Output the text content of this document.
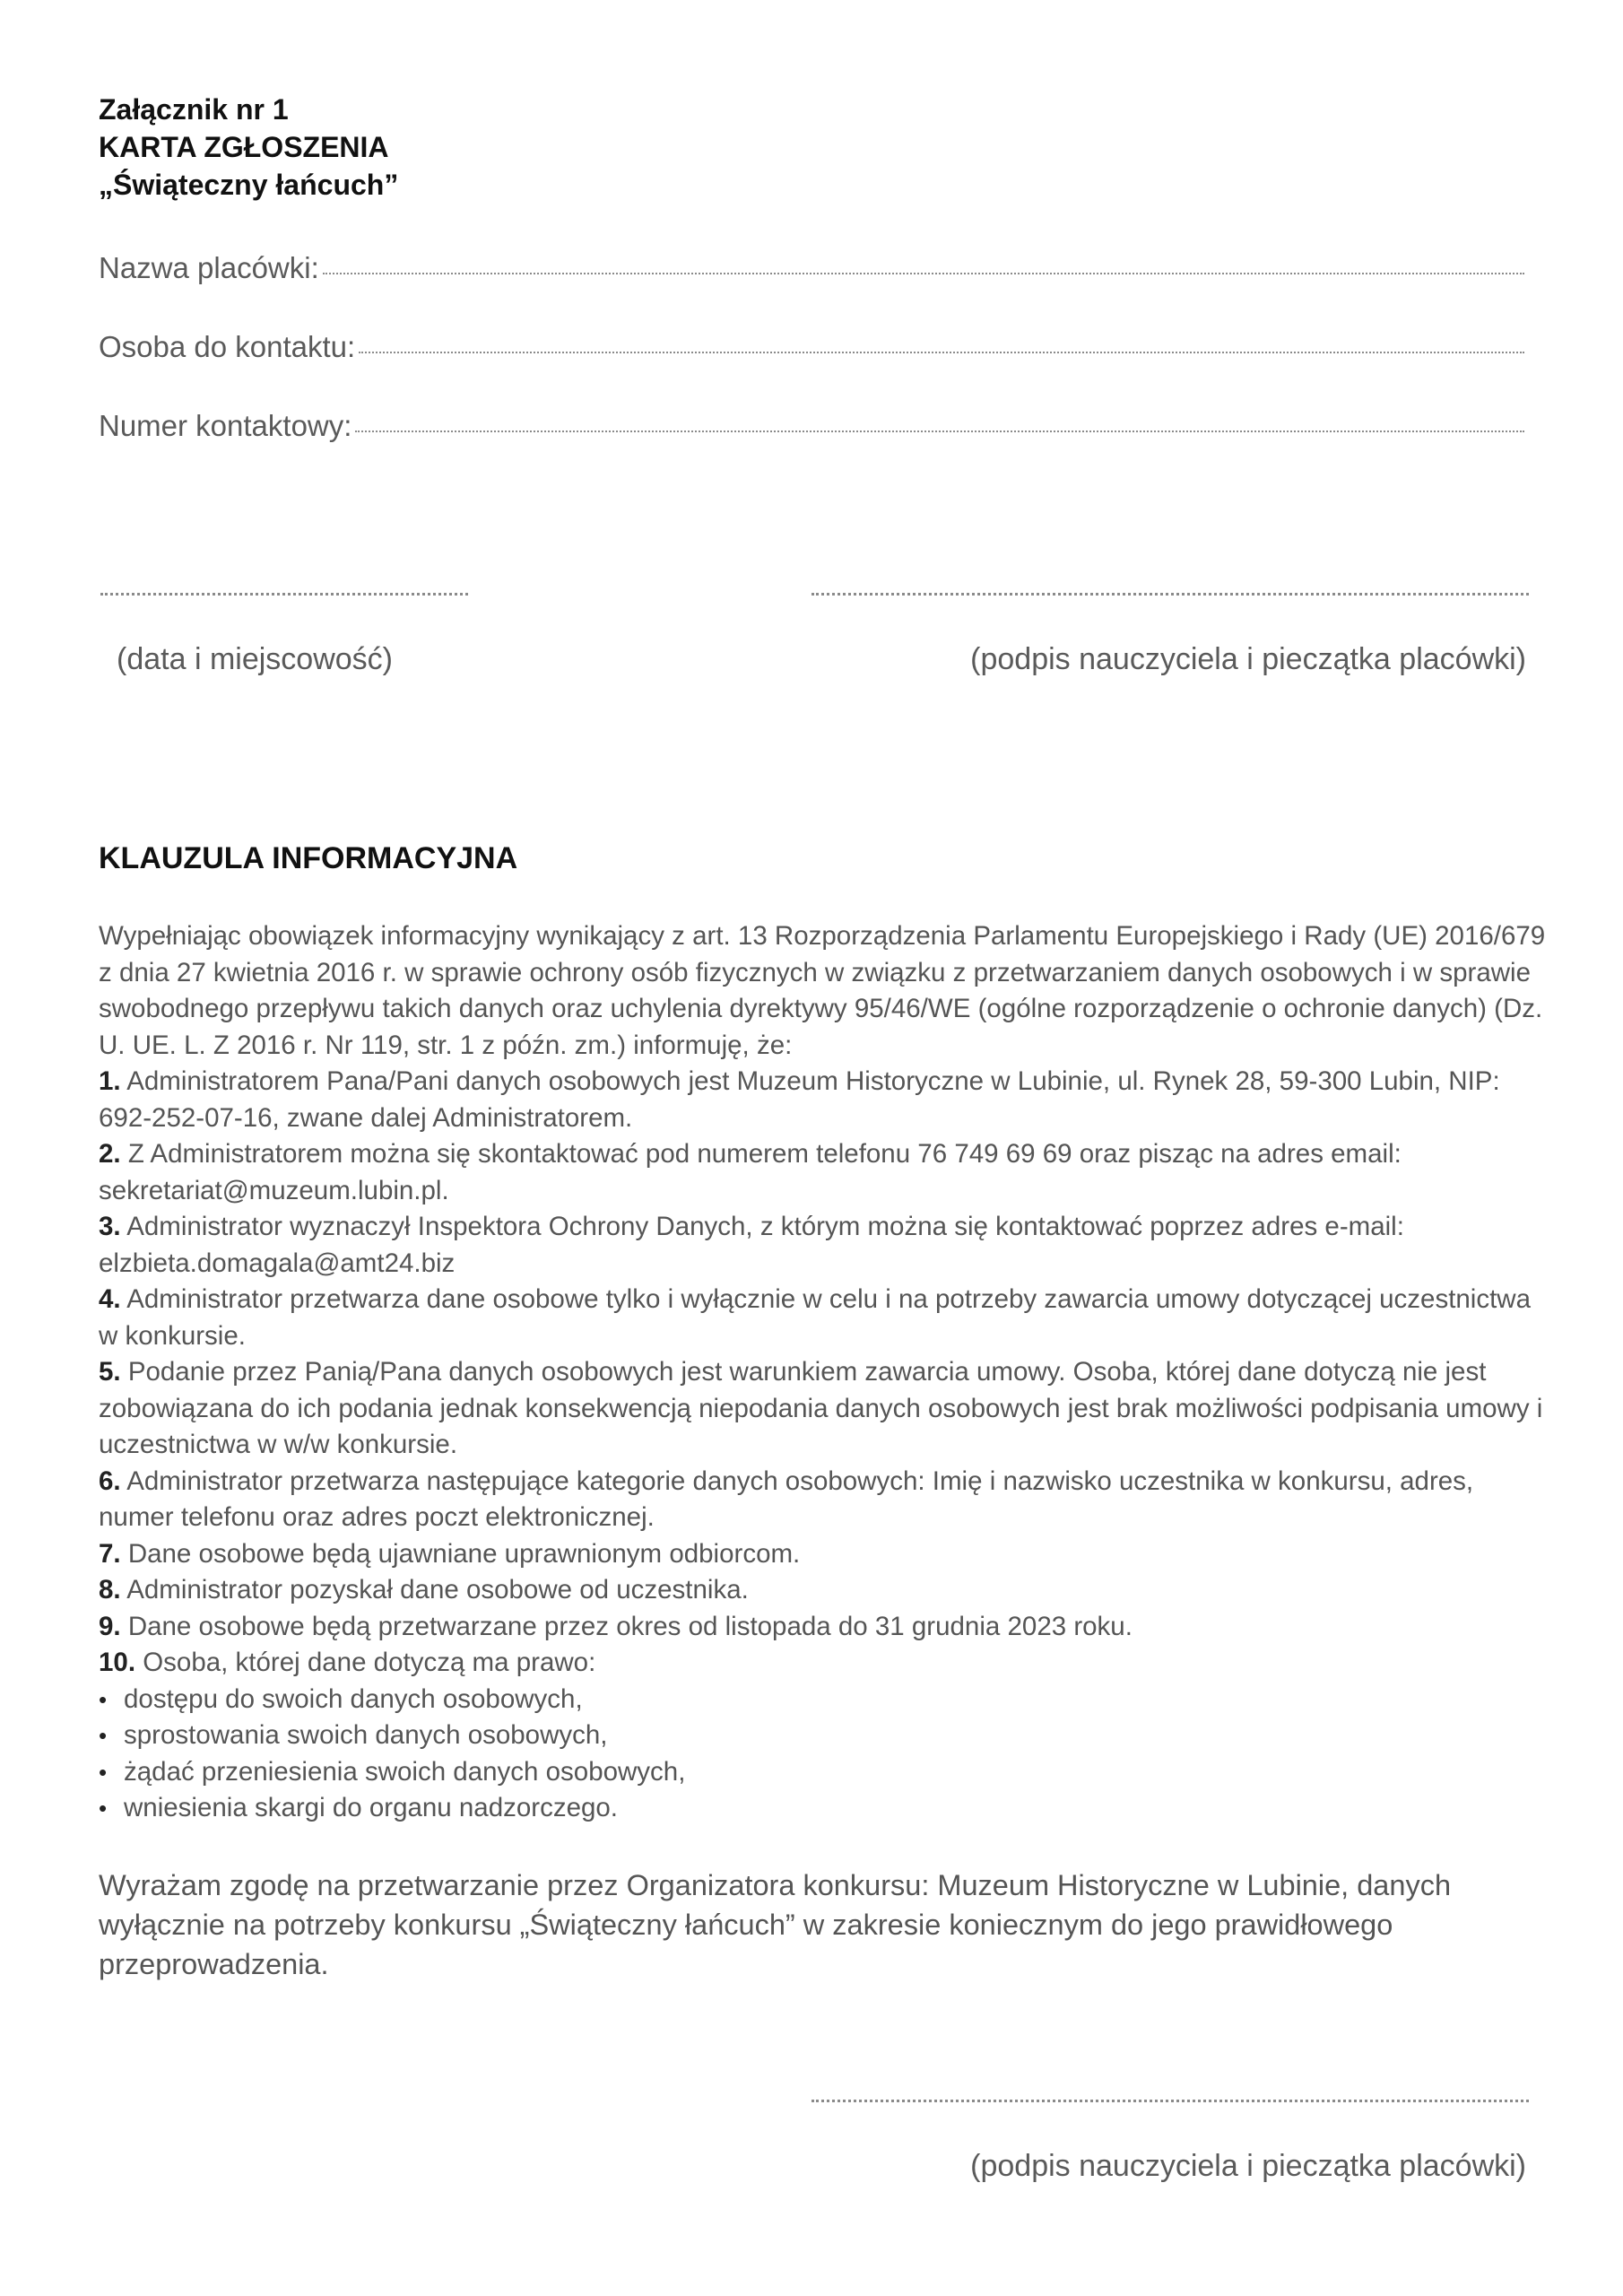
Załącznik nr 1
KARTA ZGŁOSZENIA
„Świąteczny łańcuch”
Nazwa placówki:
Osoba do kontaktu:
Numer kontaktowy:
(data i miejscowość)	(podpis nauczyciela i pieczątka placówki)
KLAUZULA INFORMACYJNA

Wypełniając obowiązek informacyjny wynikający z art. 13 Rozporządzenia Parlamentu Europejskiego i Rady (UE) 2016/679 z dnia 27 kwietnia 2016 r. w sprawie ochrony osób fizycznych w związku z przetwarzaniem danych osobowych i w sprawie swobodnego przepływu takich danych oraz uchylenia dyrektywy 95/46/WE (ogólne rozporządzenie o ochronie danych) (Dz. U. UE. L. Z 2016 r. Nr 119, str. 1 z późn. zm.) informuję, że:

1. Administratorem Pana/Pani danych osobowych jest Muzeum Historyczne w Lubinie, ul. Rynek 28, 59-300 Lubin, NIP: 692-252-07-16, zwane dalej Administratorem.

2. Z Administratorem można się skontaktować pod numerem telefonu 76 749 69 69 oraz pisząc na adres email: sekretariat@muzeum.lubin.pl.

3. Administrator wyznaczył Inspektora Ochrony Danych, z którym można się kontaktować poprzez adres e-mail: elzbieta.domagala@amt24.biz

4. Administrator przetwarza dane osobowe tylko i wyłącznie w celu i na potrzeby zawarcia umowy dotyczącej uczestnictwa w konkursie.

5. Podanie przez Panią/Pana danych osobowych jest warunkiem zawarcia umowy. Osoba, której dane dotyczą nie jest zobowiązana do ich podania jednak konsekwencją niepodania danych osobowych jest brak możliwości podpisania umowy i uczestnictwa w w/w konkursie.

6. Administrator przetwarza następujące kategorie danych osobowych: Imię i nazwisko uczestnika w konkursu, adres, numer telefonu oraz adres poczt elektronicznej.

7. Dane osobowe będą ujawniane uprawnionym odbiorcom.

8. Administrator pozyskał dane osobowe od uczestnika.

9. Dane osobowe będą przetwarzane przez okres od listopada do 31 grudnia 2023 roku.

10. Osoba, której dane dotyczą ma prawo:

• dostępu do swoich danych osobowych,
• sprostowania swoich danych osobowych,
• żądać przeniesienia swoich danych osobowych,
• wniesienia skargi do organu nadzorczego.
Wyrażam zgodę na przetwarzanie przez Organizatora konkursu: Muzeum Historyczne w Lubinie, danych wyłącznie na potrzeby konkursu „Świąteczny łańcuch” w zakresie koniecznym do jego prawidłowego przeprowadzenia.
(podpis nauczyciela i pieczątka placówki)
